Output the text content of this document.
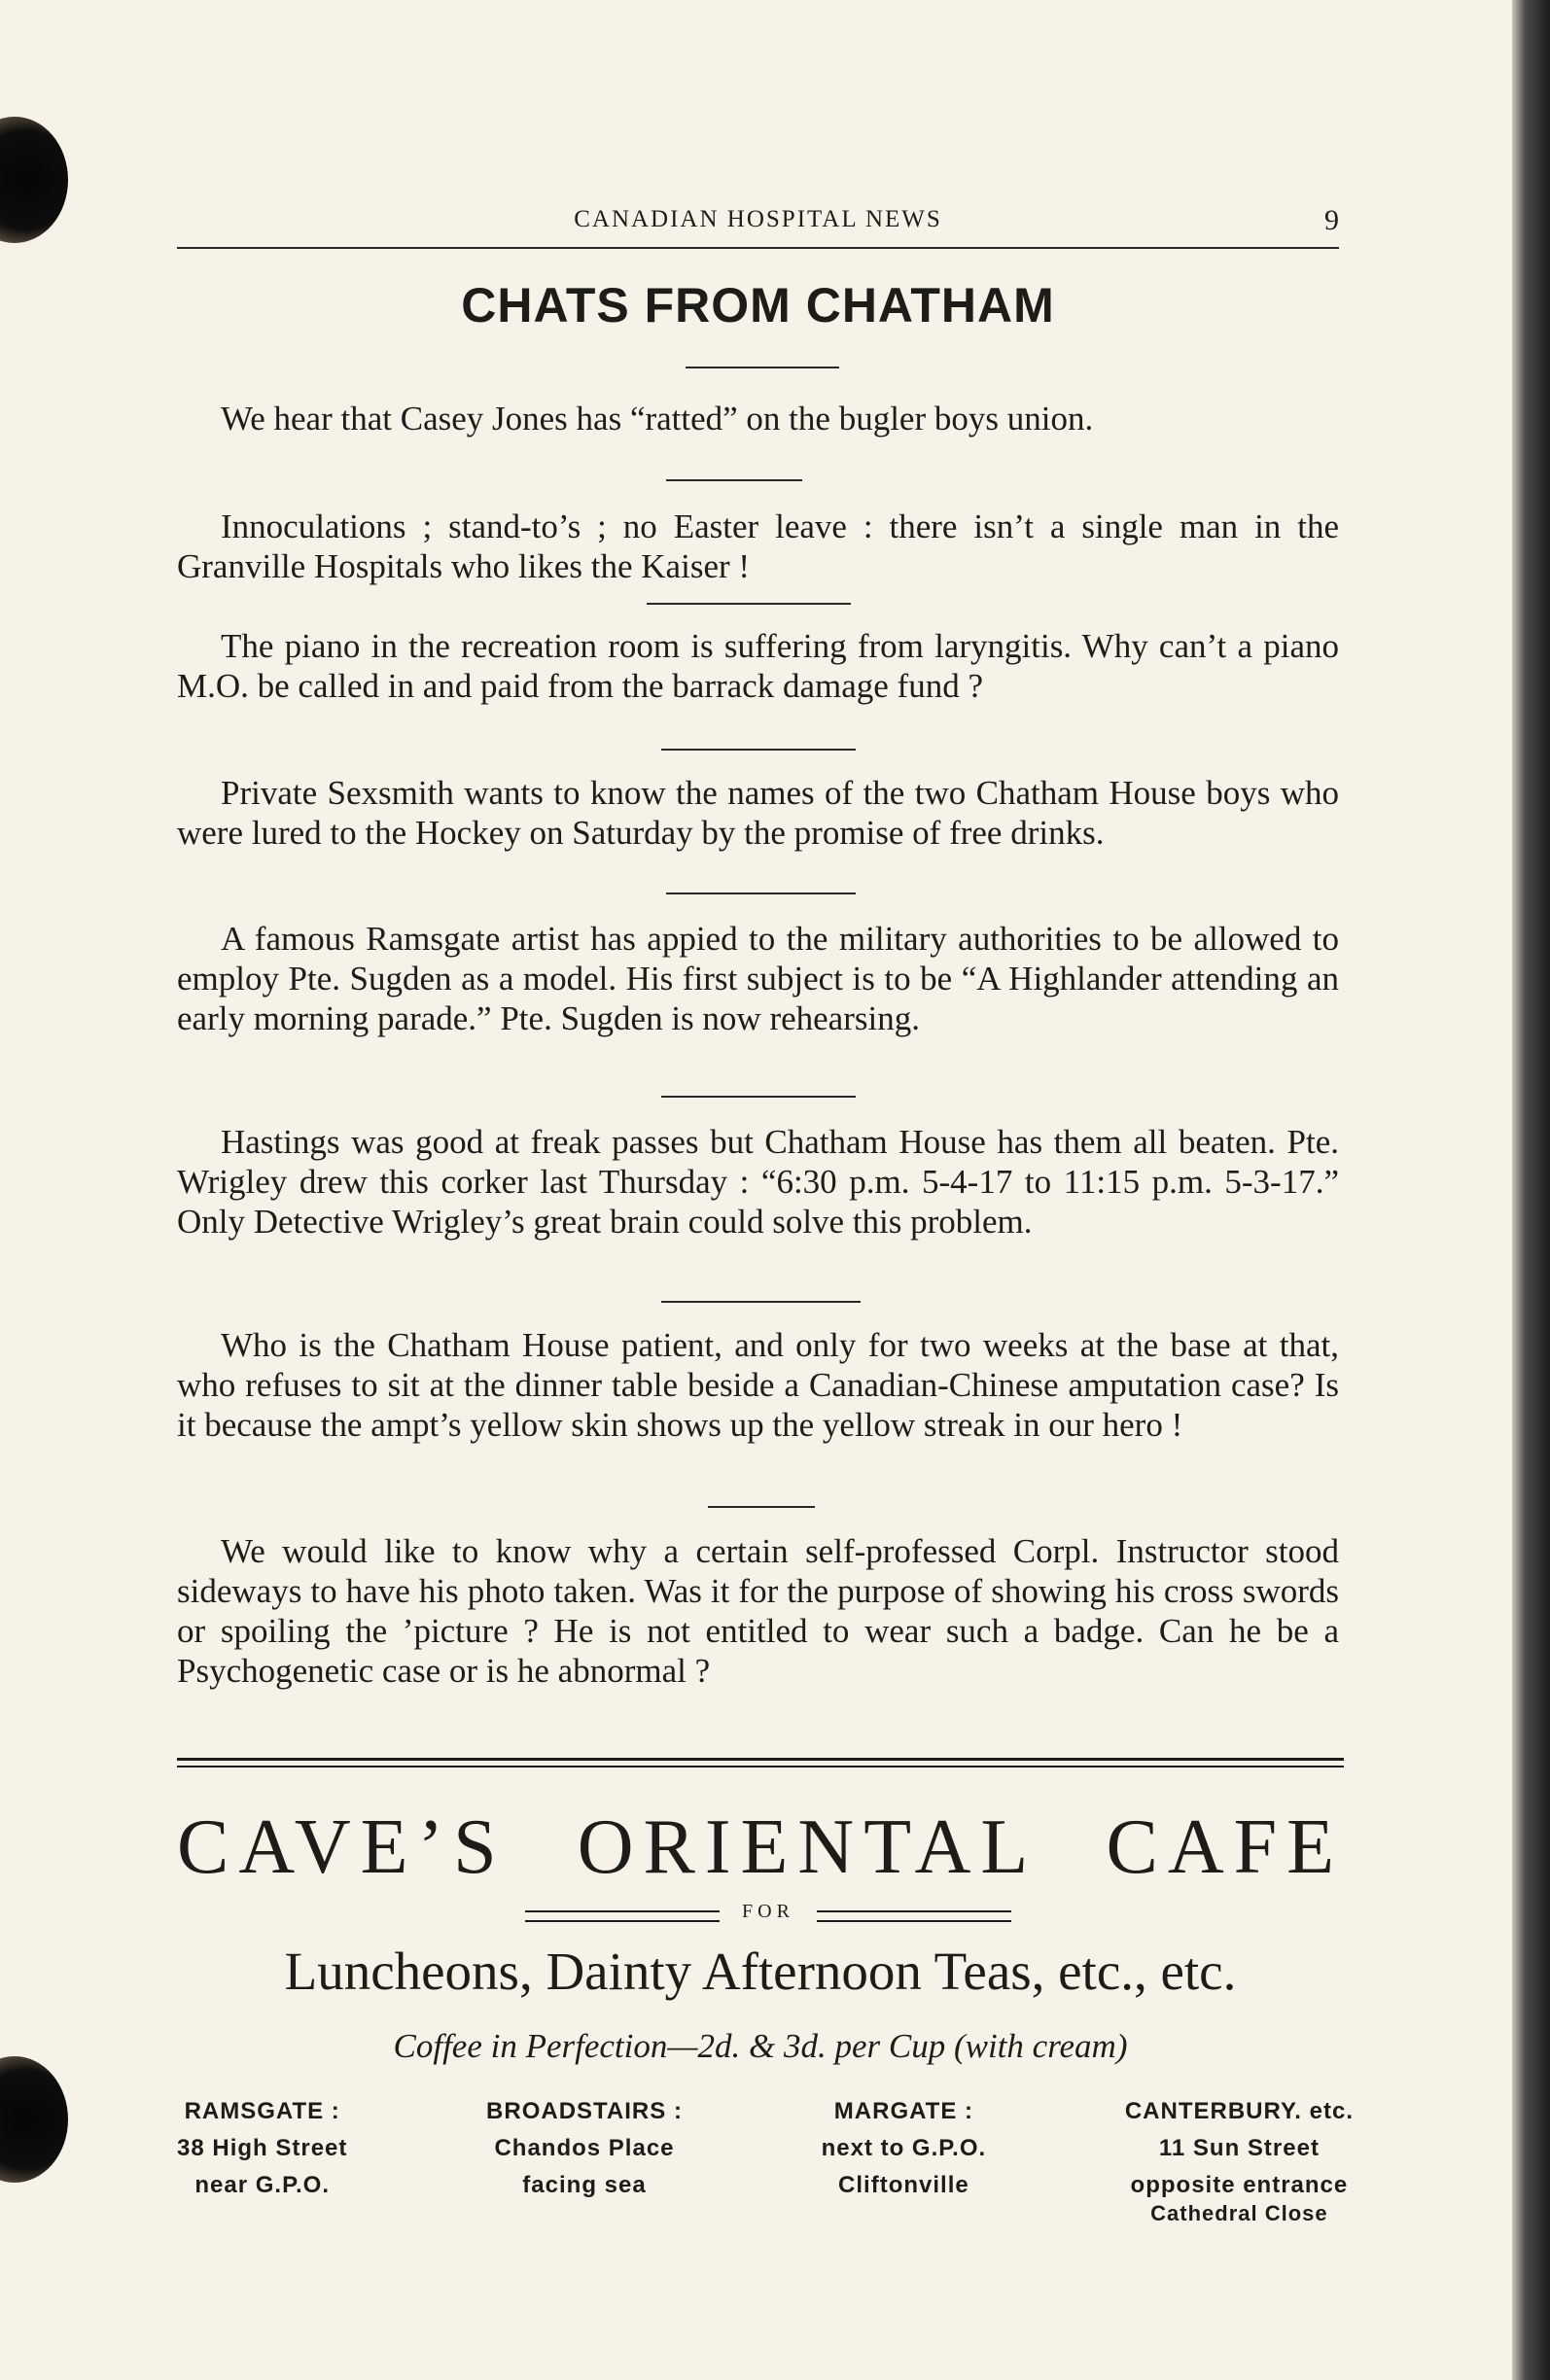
CANADIAN HOSPITAL NEWS	9
CHATS FROM CHATHAM

We hear that Casey Jones has “ratted” on the bugler boys union.

Innoculations ; stand-to’s ; no Easter leave : there isn’t a single man in the Granville Hospitals who likes the Kaiser !

The piano in the recreation room is suffering from laryngitis. Why can’t a piano M.O. be called in and paid from the barrack damage fund ?

Private Sexsmith wants to know the names of the two Chatham House boys who were lured to the Hockey on Saturday by the promise of free drinks.

A famous Ramsgate artist has appied to the military authorities to be allowed to employ Pte. Sugden as a model. His first subject is to be “A Highlander attending an early morning parade.” Pte. Sugden is now rehearsing.

Hastings was good at freak passes but Chatham House has them all beaten. Pte. Wrigley drew this corker last Thursday : “6:30 p.m. 5-4-17 to 11:15 p.m. 5-3-17.” Only Detective Wrigley’s great brain could solve this problem.

Who is the Chatham House patient, and only for two weeks at the base at that, who refuses to sit at the dinner table beside a Canadian-Chinese amputation case? Is it because the ampt’s yellow skin shows up the yellow streak in our hero !

We would like to know why a certain self-professed Corpl. Instructor stood sideways to have his photo taken. Was it for the purpose of showing his cross swords or spoiling the ’picture ? He is not entitled to wear such a badge. Can he be a Psychogenetic case or is he abnormal ?

CAVE’S ORIENTAL CAFE
FOR
Luncheons, Dainty Afternoon Teas, etc., etc.
Coffee in Perfection—2d. & 3d. per Cup (with cream)
RAMSGATE :
38 High Street
near G.P.O.
BROADSTAIRS :
Chandos Place
facing sea
MARGATE :
next to G.P.O.
Cliftonville
CANTERBURY. etc.
11 Sun Street
opposite entrance
Cathedral Close
